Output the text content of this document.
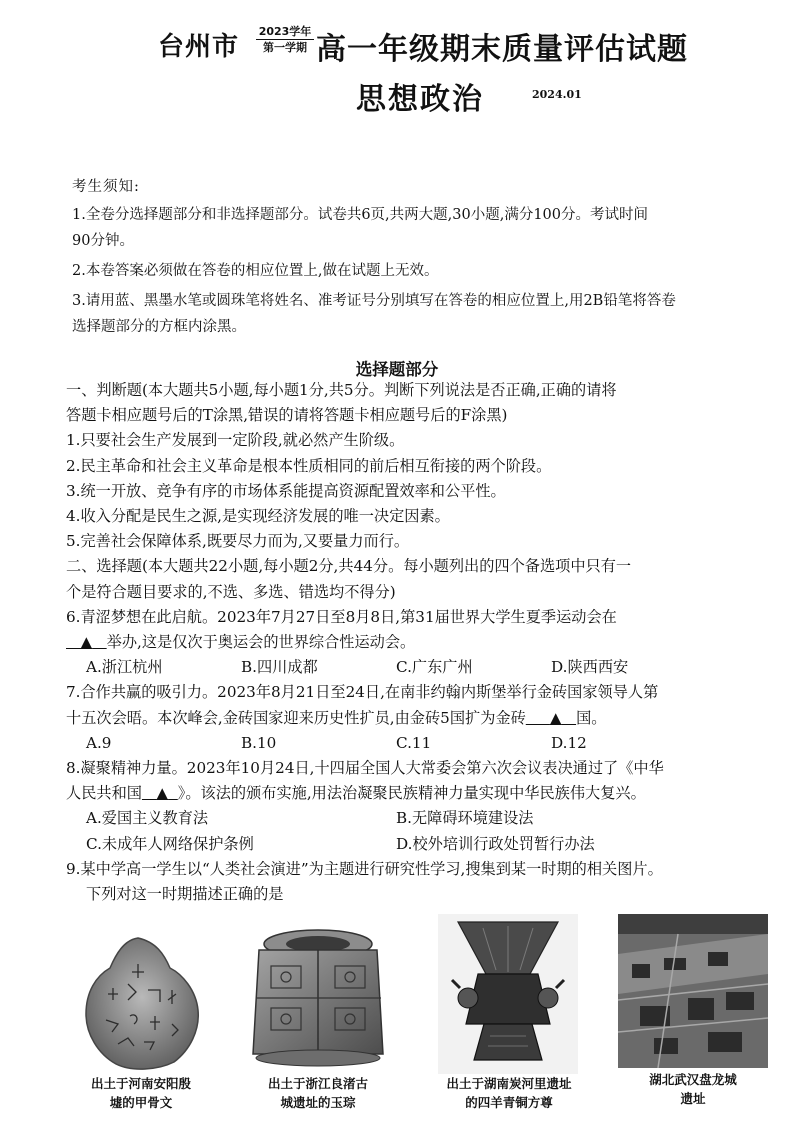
台州市
2023学年
第一学期 高一年级期末质量评估试题
思想政治	2024.01
考生须知:
1.全卷分选择题部分和非选择题部分。试卷共6页,共两大题,30小题,满分100分。考试时间
90分钟。
2.本卷答案必须做在答卷的相应位置上,做在试题上无效。
3.请用蓝、黑墨水笔或圆珠笔将姓名、准考证号分别填写在答卷的相应位置上,用2B铅笔将答卷
选择题部分的方框内涂黑。
选择题部分
一、判断题(本大题共5小题,每小题1分,共5分。判断下列说法是否正确,正确的请将
答题卡相应题号后的T涂黑,错误的请将答题卡相应题号后的F涂黑)
1.只要社会生产发展到一定阶段,就必然产生阶级。
2.民主革命和社会主义革命是根本性质相同的前后相互衔接的两个阶段。
3.统一开放、竞争有序的市场体系能提高资源配置效率和公平性。
4.收入分配是民生之源,是实现经济发展的唯一决定因素。
5.完善社会保障体系,既要尽力而为,又要量力而行。
二、选择题(本大题共22小题,每小题2分,共44分。每小题列出的四个备选项中只有一
个是符合题目要求的,不选、多选、错选均不得分)
6.青涩梦想在此启航。2023年7月27日至8月8日,第31届世界大学生夏季运动会在
▲ 举办,这是仅次于奥运会的世界综合性运动会。
A.浙江杭州	B.四川成都	C.广东广州	D.陕西西安
7.合作共赢的吸引力。2023年8月21日至24日,在南非约翰内斯堡举行金砖国家领导人第
十五次会晤。本次峰会,金砖国家迎来历史性扩员,由金砖5国扩为金砖 ▲ 国。
A.9	B.10	C.11	D.12
8.凝聚精神力量。2023年10月24日,十四届全国人大常委会第六次会议表决通过了《中华
人民共和国 ▲ 》。该法的颁布实施,用法治凝聚民族精神力量实现中华民族伟大复兴。
A.爱国主义教育法	B.无障碍环境建设法
C.未成年人网络保护条例	D.校外培训行政处罚暂行办法
9.某中学高一学生以“人类社会演进”为主题进行研究性学习,搜集到某一时期的相关图片。
下列对这一时期描述正确的是
出土于河南安阳殷
墟的甲骨文
出土于浙江良渚古
城遗址的玉琮
出土于湖南炭河里遗址
的四羊青铜方尊
湖北武汉盘龙城
遗址
